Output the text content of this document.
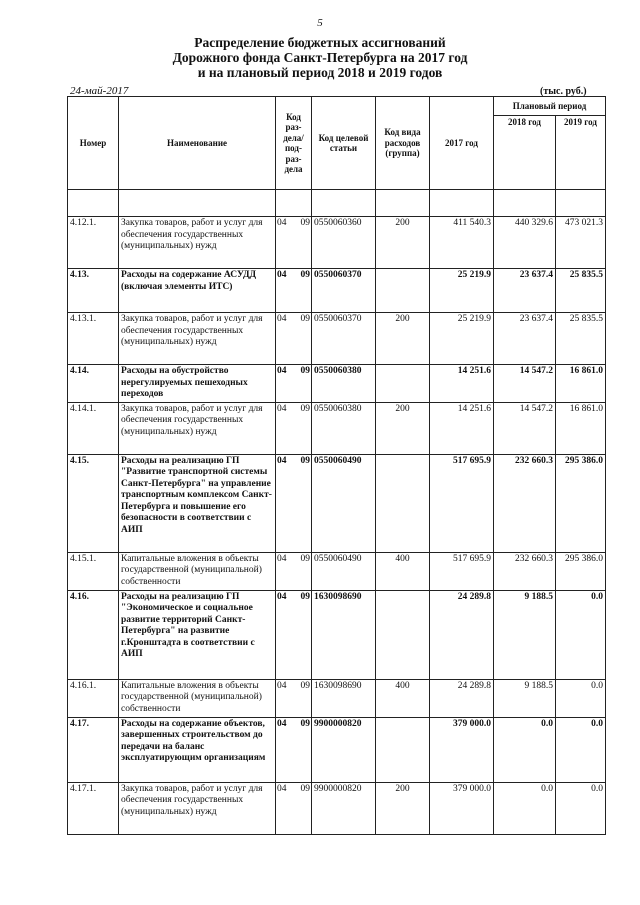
5
Распределение бюджетных ассигнований
Дорожного фонда Санкт-Петербурга на 2017 год
и на плановый период 2018 и 2019 годов
24-май-2017	(тыс. руб.)
Номер	Наименование	Код раз-дела/ под-раз-дела	Код целевой статьи	Код вида расходов (группа)	2017 год	Плановый период	
						2018 год	2019 год

4.12.1.	Закупка товаров, работ и услуг для обеспечения государственных (муниципальных) нужд	04 09	0550060360	200	411 540.3	440 329.6	473 021.3
4.13.	Расходы на содержание АСУДД (включая элементы ИТС)	04 09	0550060370		25 219.9	23 637.4	25 835.5
4.13.1.	Закупка товаров, работ и услуг для обеспечения государственных (муниципальных) нужд	04 09	0550060370	200	25 219.9	23 637.4	25 835.5
4.14.	Расходы на обустройство нерегулируемых пешеходных переходов	04 09	0550060380		14 251.6	14 547.2	16 861.0
4.14.1.	Закупка товаров, работ и услуг для обеспечения государственных (муниципальных) нужд	04 09	0550060380	200	14 251.6	14 547.2	16 861.0
4.15.	Расходы на реализацию ГП "Развитие транспортной системы Санкт-Петербурга" на управление транспортным комплексом Санкт-Петербурга и повышение его безопасности в соответствии с АИП	04 09	0550060490		517 695.9	232 660.3	295 386.0
4.15.1.	Капитальные вложения в объекты государственной (муниципальной) собственности	04 09	0550060490	400	517 695.9	232 660.3	295 386.0
4.16.	Расходы на реализацию ГП "Экономическое и социальное развитие территорий Санкт-Петербурга" на развитие г.Кронштадта в соответствии с АИП	04 09	1630098690		24 289.8	9 188.5	0.0
4.16.1.	Капитальные вложения в объекты государственной (муниципальной) собственности	04 09	1630098690	400	24 289.8	9 188.5	0.0
4.17.	Расходы на содержание объектов, завершенных строительством до передачи на баланс эксплуатирующим организациям	04 09	9900000820		379 000.0	0.0	0.0
4.17.1.	Закупка товаров, работ и услуг для обеспечения государственных (муниципальных) нужд	04 09	9900000820	200	379 000.0	0.0	0.0
